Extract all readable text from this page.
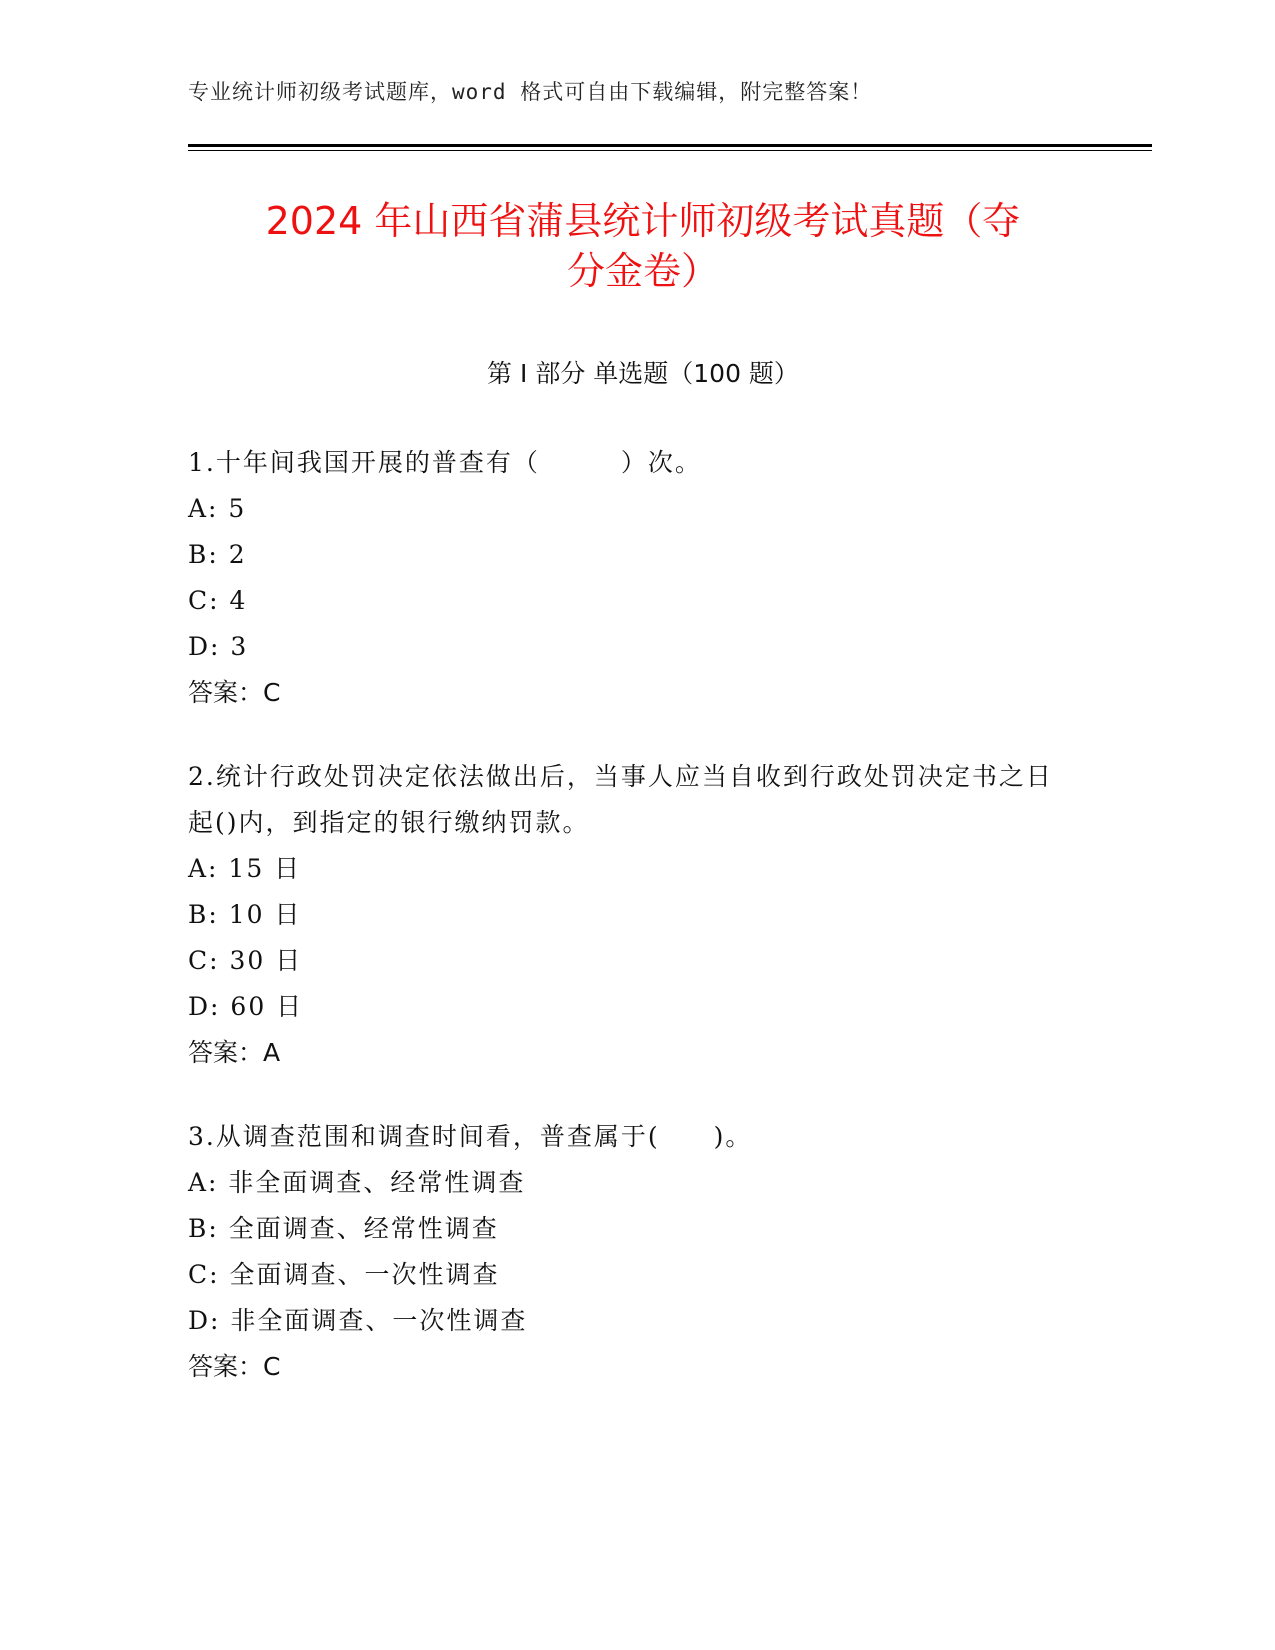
专业统计师初级考试题库，word 格式可自由下载编辑，附完整答案！
2024 年山西省蒲县统计师初级考试真题（夺
分金卷）
第 I 部分 单选题（100 题）
1.十年间我国开展的普查有（　　　）次。
A: 5
B: 2
C: 4
D: 3
答案：C
2.统计行政处罚决定依法做出后，当事人应当自收到行政处罚决定书之日起()内，到指定的银行缴纳罚款。
A: 15 日
B: 10 日
C: 30 日
D: 60 日
答案：A
3.从调查范围和调查时间看，普查属于(　　)。
A: 非全面调查、经常性调查
B: 全面调查、经常性调查
C: 全面调查、一次性调查
D: 非全面调查、一次性调查
答案：C
